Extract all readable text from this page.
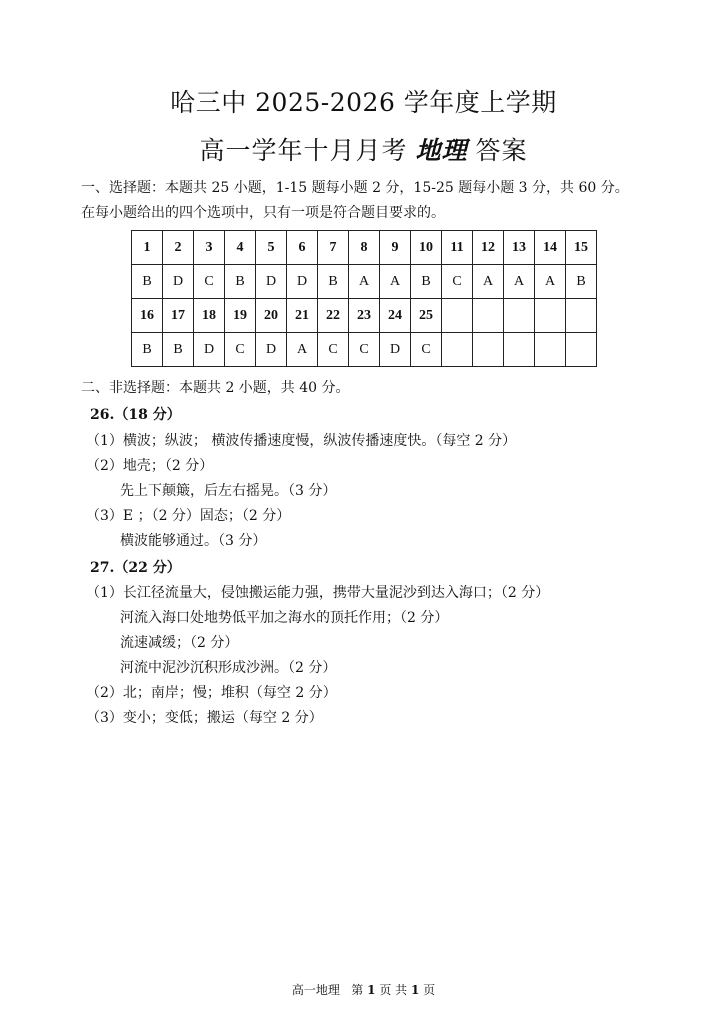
哈三中 2025-2026 学年度上学期
高一学年十月月考 地理 答案
一、选择题：本题共 25 小题，1-15 题每小题 2 分，15-25 题每小题 3 分，共 60 分。
在每小题给出的四个选项中，只有一项是符合题目要求的。
1	2	3	4	5	6	7	8	9	10	11	12	13	14	15
B	D	C	B	D	D	B	A	A	B	C	A	A	A	B
16	17	18	19	20	21	22	23	24	25					
B	B	D	C	D	A	C	C	D	C					
二、非选择题：本题共 2 小题，共 40 分。
26.（18 分）
（1）横波；纵波； 横波传播速度慢，纵波传播速度快。（每空 2 分）
（2）地壳；（2 分）
先上下颠簸，后左右摇晃。（3 分）
（3）E ；（2 分）固态；（2 分）
横波能够通过。（3 分）
27.（22 分）
（1）长江径流量大，侵蚀搬运能力强，携带大量泥沙到达入海口；（2 分）
河流入海口处地势低平加之海水的顶托作用；（2 分）
流速减缓；（2 分）
河流中泥沙沉积形成沙洲。（2 分）
（2）北；南岸；慢；堆积（每空 2 分）
（3）变小；变低；搬运（每空 2 分）
高一地理 第 1 页 共 1 页
